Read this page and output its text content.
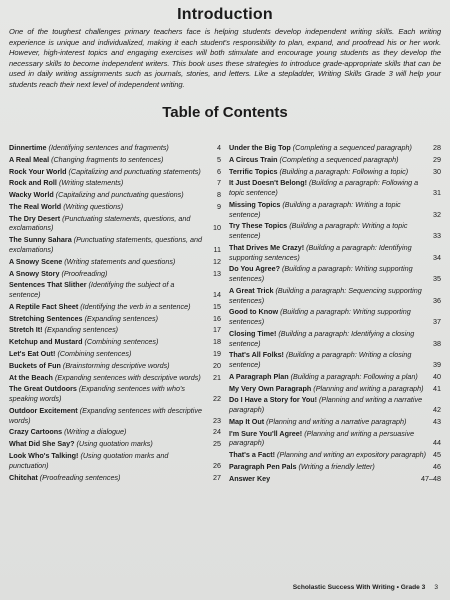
Introduction

One of the toughest challenges primary teachers face is helping students develop independent writing skills. Each writing experience is unique and individualized, making it each student's responsibility to plan, expand, and proofread his or her work. However, high-interest topics and engaging exercises will both stimulate and encourage young students as they develop the necessary skills to become independent writers. This book uses these strategies to introduce grade-appropriate skills that can be used in daily writing assignments such as journals, stories, and letters. Like a stepladder, Writing Skills Grade 3 will help your students reach their next level of independent writing.

Table of Contents
Dinnertime (Identifying sentences and fragments)	4
A Real Meal (Changing fragments to sentences)	5
Rock Your World (Capitalizing and punctuating statements)	6
Rock and Roll (Writing statements)	7
Wacky World (Capitalizing and punctuating questions)	8
The Real World (Writing questions)	9
The Dry Desert (Punctuating statements, questions, and exclamations)	10
The Sunny Sahara (Punctuating statements, questions, and exclamations)	11
A Snowy Scene (Writing statements and questions)	12
A Snowy Story (Proofreading)	13
Sentences That Slither (Identifying the subject of a sentence)	14
A Reptile Fact Sheet (Identifying the verb in a sentence)	15
Stretching Sentences (Expanding sentences)	16
Stretch It! (Expanding sentences)	17
Ketchup and Mustard (Combining sentences)	18
Let's Eat Out! (Combining sentences)	19
Buckets of Fun (Brainstorming descriptive words)	20
At the Beach (Expanding sentences with descriptive words)	21
The Great Outdoors (Expanding sentences with who's speaking words)	22
Outdoor Excitement (Expanding sentences with descriptive words)	23
Crazy Cartoons (Writing a dialogue)	24
What Did She Say? (Using quotation marks)	25
Look Who's Talking! (Using quotation marks and punctuation)	26
Chitchat (Proofreading sentences)	27
Under the Big Top (Completing a sequenced paragraph)	28
A Circus Train (Completing a sequenced paragraph)	29
Terrific Topics (Building a paragraph: Following a topic)	30
It Just Doesn't Belong! (Building a paragraph: Following a topic sentence)	31
Missing Topics (Building a paragraph: Writing a topic sentence)	32
Try These Topics (Building a paragraph: Writing a topic sentence)	33
That Drives Me Crazy! (Building a paragraph: Identifying supporting sentences)	34
Do You Agree? (Building a paragraph: Writing supporting sentences)	35
A Great Trick (Building a paragraph: Sequencing supporting sentences)	36
Good to Know (Building a paragraph: Writing supporting sentences)	37
Closing Time! (Building a paragraph: Identifying a closing sentence)	38
That's All Folks! (Building a paragraph: Writing a closing sentence)	39
A Paragraph Plan (Building a paragraph: Following a plan)	40
My Very Own Paragraph (Planning and writing a paragraph)	41
Do I Have a Story for You! (Planning and writing a narrative paragraph)	42
Map It Out (Planning and writing a narrative paragraph)	43
I'm Sure You'll Agree! (Planning and writing a persuasive paragraph)	44
That's a Fact! (Planning and writing an expository paragraph) 45
Paragraph Pen Pals (Writing a friendly letter)	46
Answer Key	47–48
Scholastic Success With Writing • Grade 3 3
